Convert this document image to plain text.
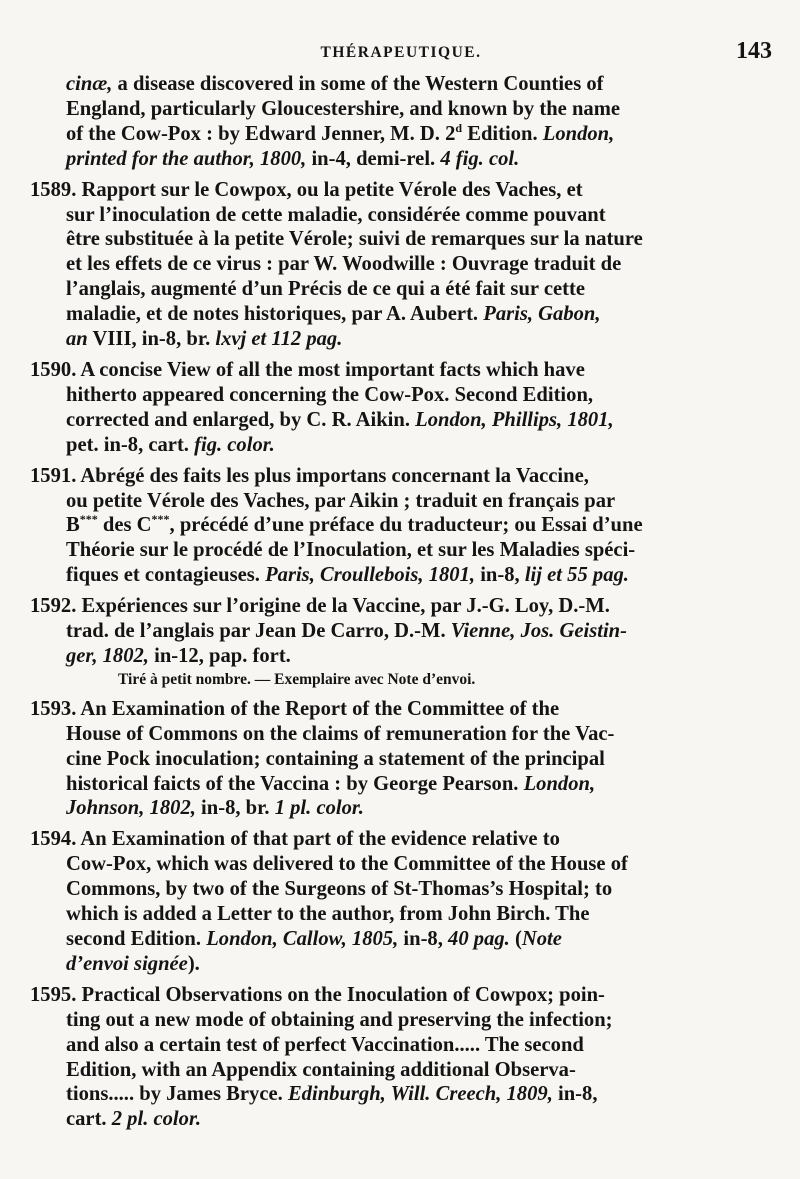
THÉRAPEUTIQUE.	143
cinæ, a disease discovered in some of the Western Counties of
England, particularly Gloucestershire, and known by the name
of the Cow-Pox : by Edward Jenner, M. D. 2$^d$ Edition. London,
printed for the author, 1800, in-4, demi-rel. 4 fig. col.
1589. Rapport sur le Cowpox, ou la petite Vérole des Vaches, et
sur l’inoculation de cette maladie, considérée comme pouvant
être substituée à la petite Vérole; suivi de remarques sur la nature
et les effets de ce virus : par W. Woodwille : Ouvrage traduit de
l’anglais, augmenté d’un Précis de ce qui a été fait sur cette
maladie, et de notes historiques, par A. Aubert. Paris, Gabon,
an VIII, in-8, br. lxvj et 112 pag.
1590. A concise View of all the most important facts which have
hitherto appeared concerning the Cow-Pox. Second Edition,
corrected and enlarged, by C. R. Aikin. London, Phillips, 1801,
pet. in-8, cart. fig. color.
1591. Abrégé des faits les plus importans concernant la Vaccine,
ou petite Vérole des Vaches, par Aikin ; traduit en français par
B*** des C***, précédé d’une préface du traducteur; ou Essai d’une
Théorie sur le procédé de l’Inoculation, et sur les Maladies spéci-
fiques et contagieuses. Paris, Croullebois, 1801, in-8, lij et 55 pag.
1592. Expériences sur l’origine de la Vaccine, par J.-G. Loy, D.-M.
trad. de l’anglais par Jean De Carro, D.-M. Vienne, Jos. Geistin-
ger, 1802, in-12, pap. fort.
Tiré à petit nombre. — Exemplaire avec Note d’envoi.
1593. An Examination of the Report of the Committee of the
House of Commons on the claims of remuneration for the Vac-
cine Pock inoculation; containing a statement of the principal
historical faicts of the Vaccina : by George Pearson. London,
Johnson, 1802, in-8, br. 1 pl. color.
1594. An Examination of that part of the evidence relative to
Cow-Pox, which was delivered to the Committee of the House of
Commons, by two of the Surgeons of St-Thomas’s Hospital; to
which is added a Letter to the author, from John Birch. The
second Edition. London, Callow, 1805, in-8, 40 pag. (Note
d’envoi signée).
1595. Practical Observations on the Inoculation of Cowpox; poin-
ting out a new mode of obtaining and preserving the infection;
and also a certain test of perfect Vaccination..... The second
Edition, with an Appendix containing additional Observa-
tions..... by James Bryce. Edinburgh, Will. Creech, 1809, in-8,
cart. 2 pl. color.
